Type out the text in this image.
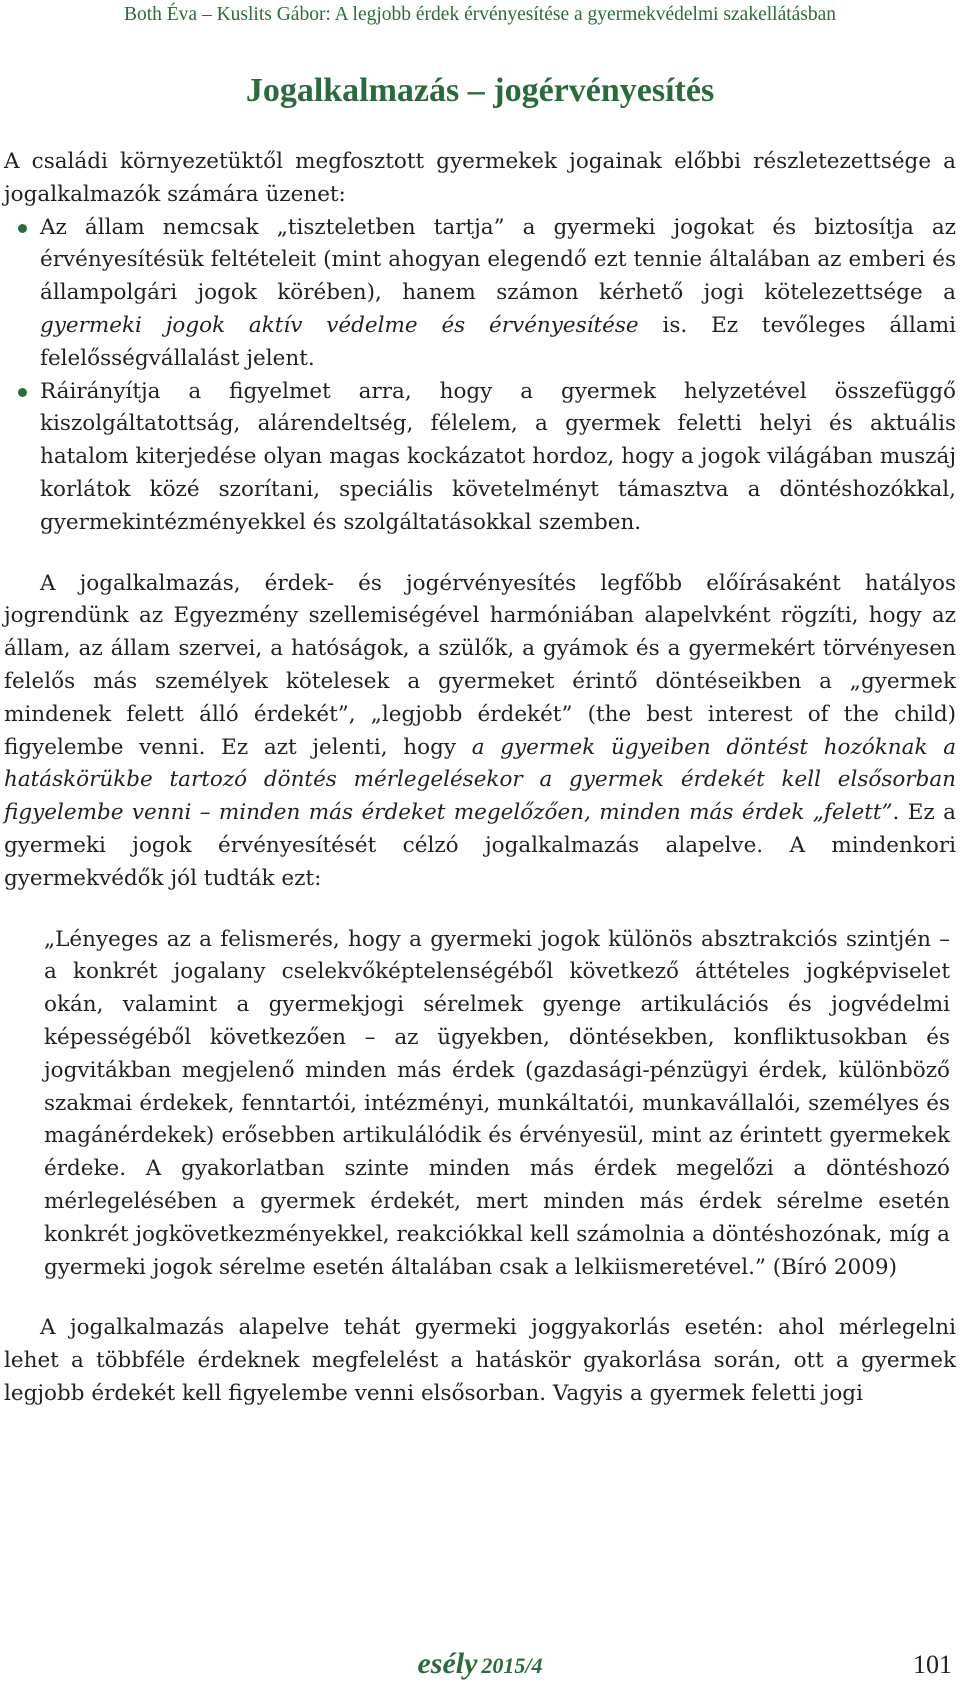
Both Éva – Kuslits Gábor: A legjobb érdek érvényesítése a gyermekvédelmi szakellátásban
Jogalkalmazás – jogérvényesítés

A családi környezetüktől megfosztott gyermekek jogainak előbbi részletezettsége a jogalkalmazók számára üzenet:

Az állam nemcsak „tiszteletben tartja” a gyermeki jogokat és biztosítja az érvényesítésük feltételeit (mint ahogyan elegendő ezt tennie általában az emberi és állampolgári jogok körében), hanem számon kérhető jogi kötelezettsége a gyermeki jogok aktív védelme és érvényesítése is. Ez tevőleges állami felelősségvállalást jelent.
Ráirányítja a figyelmet arra, hogy a gyermek helyzetével összefüggő kiszolgáltatottság, alárendeltség, félelem, a gyermek feletti helyi és aktuális hatalom kiterjedése olyan magas kockázatot hordoz, hogy a jogok világában muszáj korlátok közé szorítani, speciális követelményt támasztva a döntéshozókkal, gyermekintézményekkel és szolgáltatásokkal szemben.

A jogalkalmazás, érdek- és jogérvényesítés legfőbb előírásaként hatályos jogrendünk az Egyezmény szellemiségével harmóniában alapelvként rögzíti, hogy az állam, az állam szervei, a hatóságok, a szülők, a gyámok és a gyermekért törvényesen felelős más személyek kötelesek a gyermeket érintő döntéseikben a „gyermek mindenek felett álló érdekét”, „legjobb érdekét” (the best interest of the child) figyelembe venni. Ez azt jelenti, hogy a gyermek ügyeiben döntést hozóknak a hatáskörükbe tartozó döntés mérlegelésekor a gyermek érdekét kell elsősorban figyelembe venni – minden más érdeket megelőzően, minden más érdek „felett”. Ez a gyermeki jogok érvényesítését célzó jogalkalmazás alapelve. A mindenkori gyermekvédők jól tudták ezt:

„Lényeges az a felismerés, hogy a gyermeki jogok különös absztrakciós szintjén – a konkrét jogalany cselekvőképtelenségéből következő áttételes jogképviselet okán, valamint a gyermekjogi sérelmek gyenge artikulációs és jogvédelmi képességéből következően – az ügyekben, döntésekben, konfliktusokban és jogvitákban megjelenő minden más érdek (gazdasági-pénzügyi érdek, különböző szakmai érdekek, fenntartói, intézményi, munkáltatói, munkavállalói, személyes és magánérdekek) erősebben artikulálódik és érvényesül, mint az érintett gyermekek érdeke. A gyakorlatban szinte minden más érdek megelőzi a döntéshozó mérlegelésében a gyermek érdekét, mert minden más érdek sérelme esetén konkrét jogkövetkezményekkel, reakciókkal kell számolnia a döntéshozónak, míg a gyermeki jogok sérelme esetén általában csak a lelkiismeretével.” (Bíró 2009)

A jogalkalmazás alapelve tehát gyermeki joggyakorlás esetén: ahol mérlegelni lehet a többféle érdeknek megfelelést a hatáskör gyakorlása során, ott a gyermek legjobb érdekét kell figyelembe venni elsősorban. Vagyis a gyermek feletti jogi

esély 2015/4	101
